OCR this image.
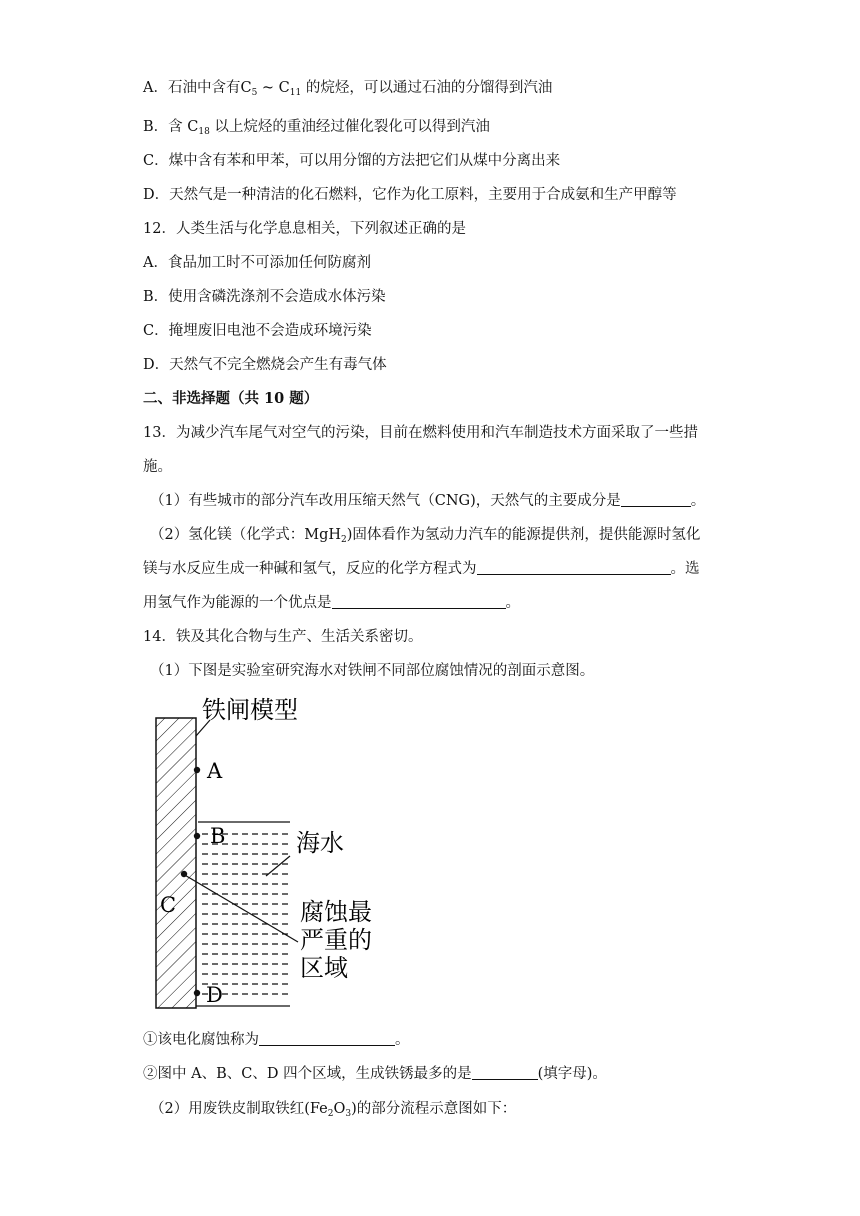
A．石油中含有$C_5$ ~ $C_{11}$ 的烷烃，可以通过石油的分馏得到汽油
B．含 $C_{18}$ 以上烷烃的重油经过催化裂化可以得到汽油
C．煤中含有苯和甲苯，可以用分馏的方法把它们从煤中分离出来
D．天然气是一种清洁的化石燃料，它作为化工原料，主要用于合成氨和生产甲醇等
12．人类生活与化学息息相关，下列叙述正确的是
A．食品加工时不可添加任何防腐剂
B．使用含磷洗涤剂不会造成水体污染
C．掩埋废旧电池不会造成环境污染
D．天然气不完全燃烧会产生有毒气体
二、非选择题（共 10 题）
13．为减少汽车尾气对空气的污染，目前在燃料使用和汽车制造技术方面采取了一些措
施。
（1）有些城市的部分汽车改用压缩天然气（CNG)，天然气的主要成分是	。
（2）氢化镁（化学式：MgH$_2$)固体看作为氢动力汽车的能源提供剂，提供能源时氢化
镁与水反应生成一种碱和氢气，反应的化学方程式为	。选
用氢气作为能源的一个优点是	。
14．铁及其化合物与生产、生活关系密切。
（1）下图是实验室研究海水对铁闸不同部位腐蚀情况的剖面示意图。
A
B
C
D
铁闸模型
海水
腐蚀最
严重的
区域
①该电化腐蚀称为	。
②图中 A、B、C、D 四个区域，生成铁锈最多的是	(填字母)。
（2）用废铁皮制取铁红$(Fe_2O_3)$的部分流程示意图如下：
